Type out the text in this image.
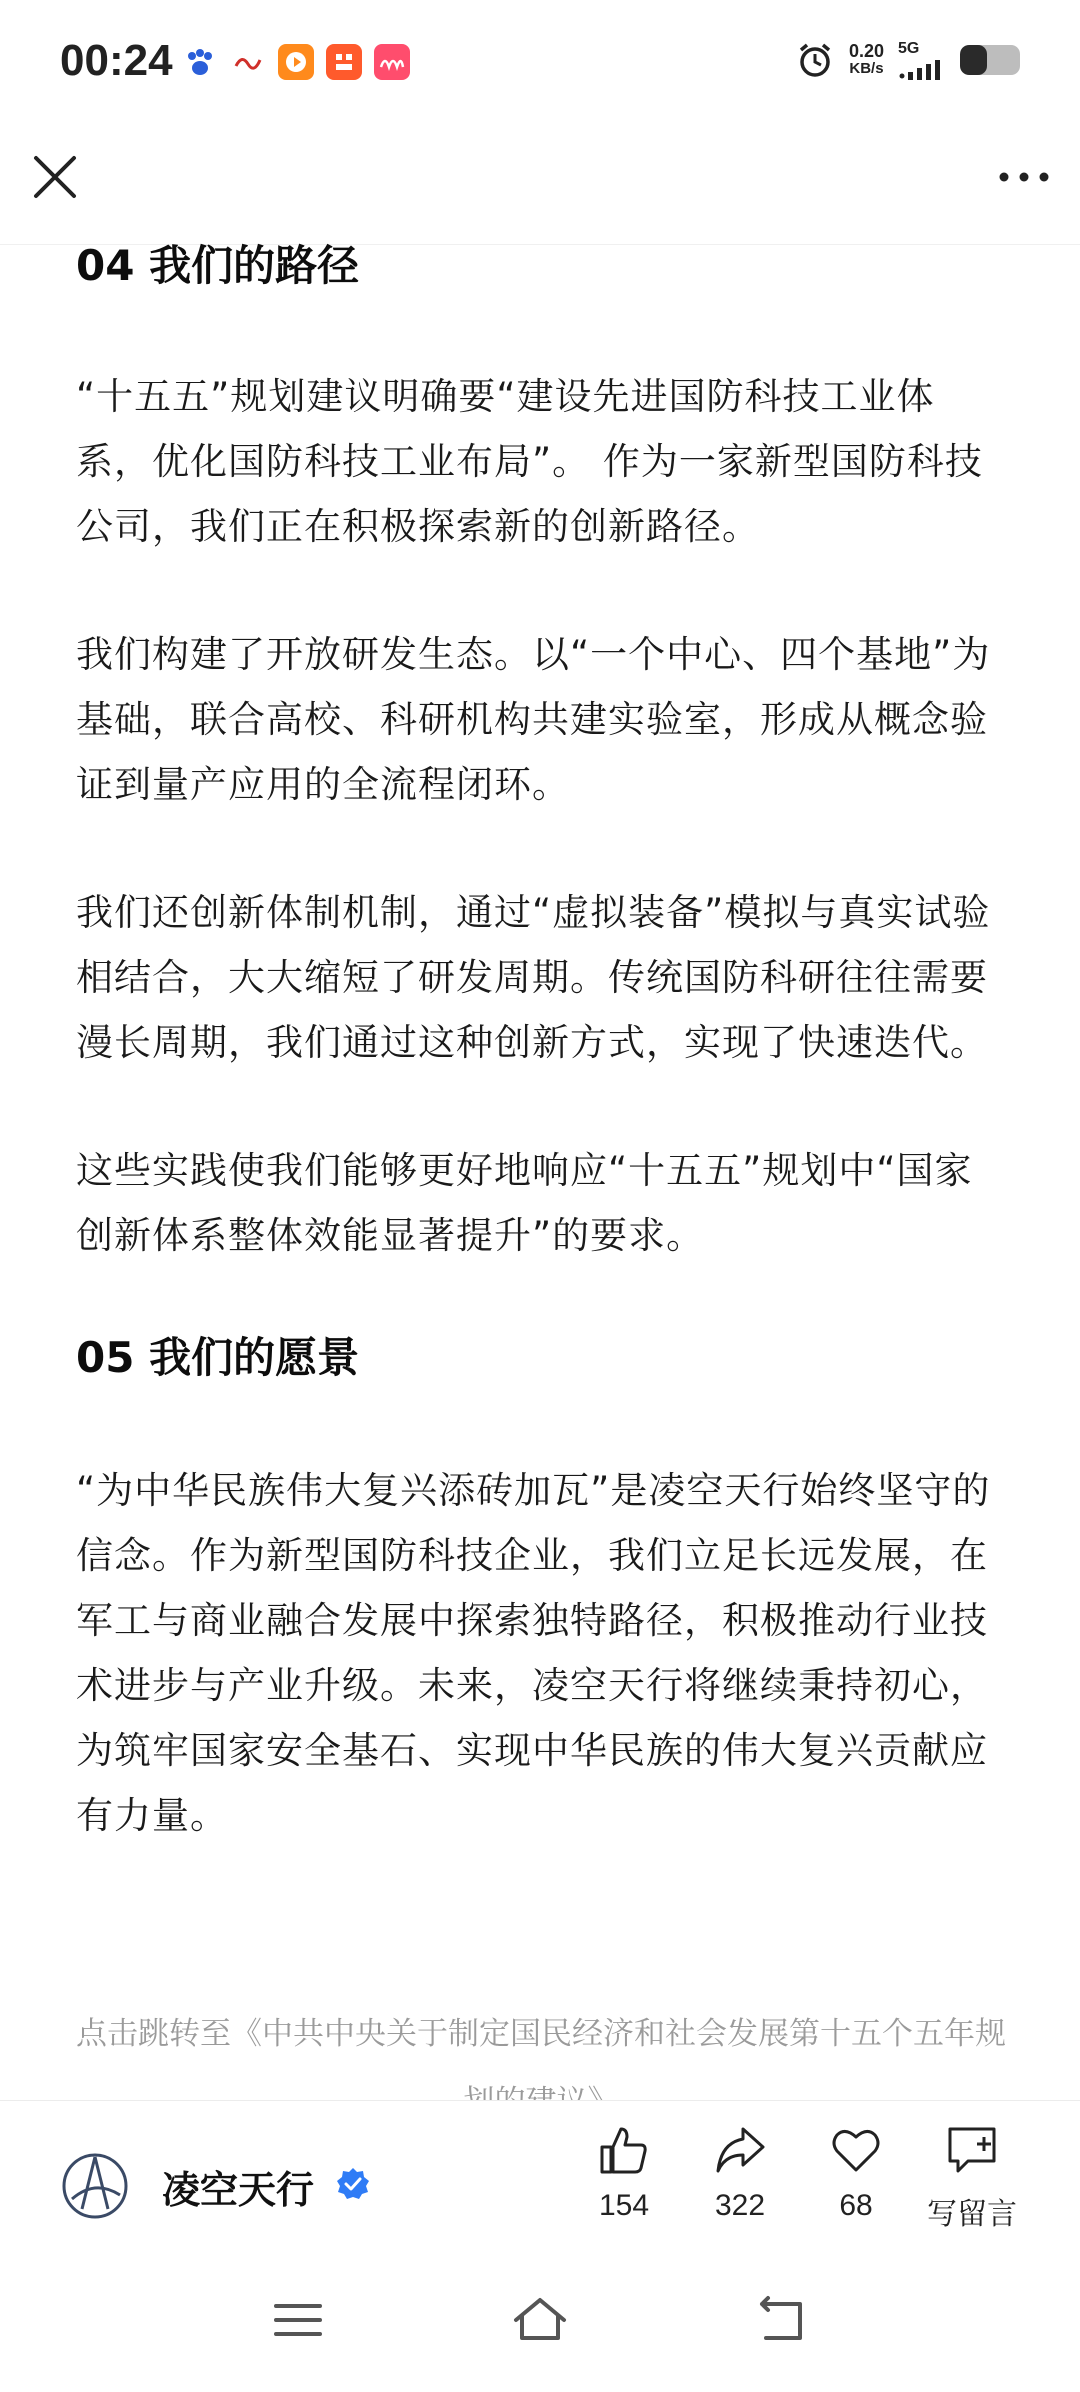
00:24	0.20
KB/s
5G
04 我们的路径

“十五五”规划建议明确要“建设先进国防科技工业体系，优化国防科技工业布局”。 作为一家新型国防科技公司，我们正在积极探索新的创新路径。

我们构建了开放研发生态。以“一个中心、四个基地”为基础，联合高校、科研机构共建实验室，形成从概念验证到量产应用的全流程闭环。

我们还创新体制机制，通过“虚拟装备”模拟与真实试验相结合，大大缩短了研发周期。传统国防科研往往需要漫长周期，我们通过这种创新方式，实现了快速迭代。

这些实践使我们能够更好地响应“十五五”规划中“国家创新体系整体效能显著提升”的要求。

05 我们的愿景

“为中华民族伟大复兴添砖加瓦”是凌空天行始终坚守的信念。作为新型国防科技企业，我们立足长远发展，在军工与商业融合发展中探索独特路径，积极推动行业技术进步与产业升级。未来，凌空天行将继续秉持初心，为筑牢国家安全基石、实现中华民族的伟大复兴贡献应有力量。

点击跳转至《中共中央关于制定国民经济和社会发展第十五个五年规
凌空天行	154	322	68	写留言
